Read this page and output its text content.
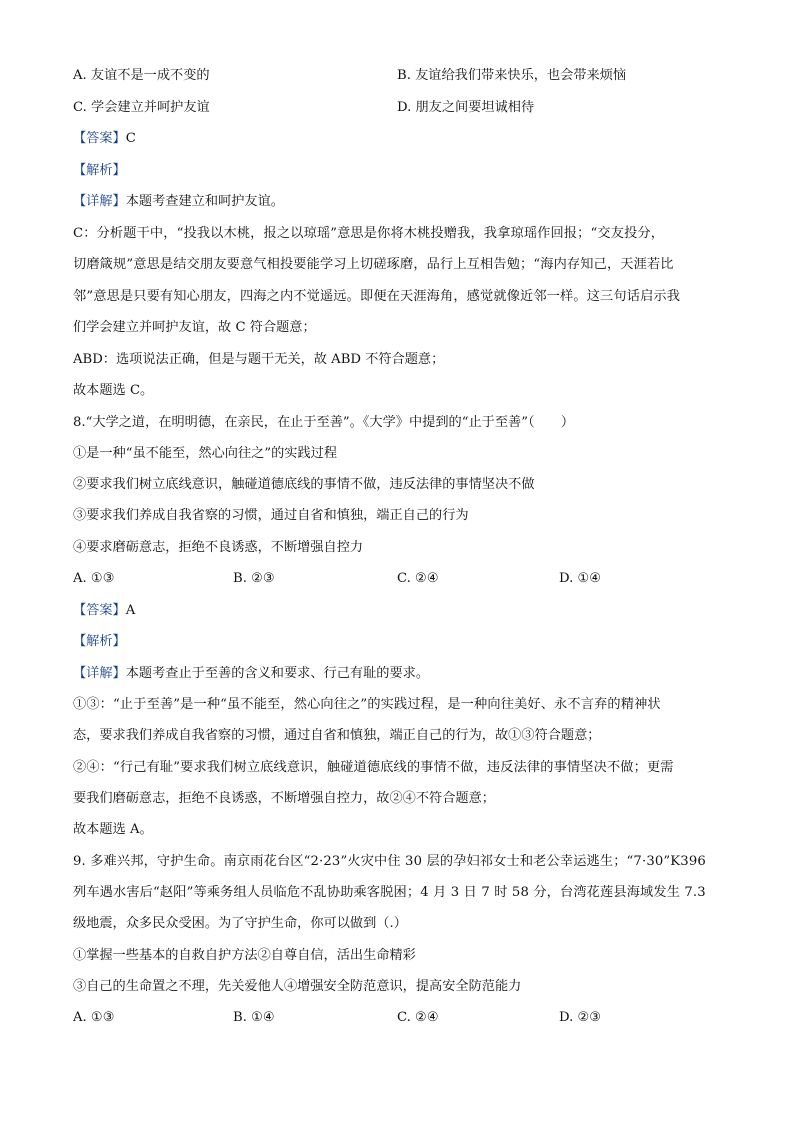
A. 友谊不是一成不变的	B. 友谊给我们带来快乐，也会带来烦恼
C. 学会建立并呵护友谊	D. 朋友之间要坦诚相待
【答案】C
【解析】
【详解】本题考查建立和呵护友谊。
C：分析题干中，“投我以木桃，报之以琼瑶”意思是你将木桃投赠我，我拿琼瑶作回报；“交友投分，
切磨箴规”意思是结交朋友要意气相投要能学习上切磋琢磨，品行上互相告勉；“海内存知己，天涯若比
邻”意思是只要有知心朋友，四海之内不觉遥远。即便在天涯海角，感觉就像近邻一样。这三句话启示我
们学会建立并呵护友谊，故 C 符合题意；
ABD：选项说法正确，但是与题干无关，故 ABD 不符合题意；
故本题选 C。
8.“大学之道，在明明德，在亲民，在止于至善”。《大学》中提到的“止于至善”（　　）
①是一种“虽不能至，然心向往之”的实践过程
②要求我们树立底线意识，触碰道德底线的事情不做，违反法律的事情坚决不做
③要求我们养成自我省察的习惯，通过自省和慎独，端正自己的行为
④要求磨砺意志，拒绝不良诱惑，不断增强自控力
A. ①③	B. ②③	C. ②④	D. ①④
【答案】A
【解析】
【详解】本题考查止于至善的含义和要求、行己有耻的要求。
①③：“止于至善”是一种“虽不能至，然心向往之”的实践过程，是一种向往美好、永不言弃的精神状
态，要求我们养成自我省察的习惯，通过自省和慎独，端正自己的行为，故①③符合题意；
②④：“行己有耻”要求我们树立底线意识，触碰道德底线的事情不做，违反法律的事情坚决不做；更需
要我们磨砺意志，拒绝不良诱惑，不断增强自控力，故②④不符合题意；
故本题选 A。
9. 多难兴邦，守护生命。南京雨花台区“2·23”火灾中住 30 层的孕妇祁女士和老公幸运逃生；“7·30”K396
列车遇水害后“赵阳”等乘务组人员临危不乱协助乘客脱困；4 月 3 日 7 时 58 分，台湾花莲县海域发生 7.3
级地震，众多民众受困。为了守护生命，你可以做到（.）
①掌握一些基本的自救自护方法②自尊自信，活出生命精彩
③自己的生命置之不理，先关爱他人④增强安全防范意识，提高安全防范能力
A. ①③	B. ①④	C. ②④	D. ②③
